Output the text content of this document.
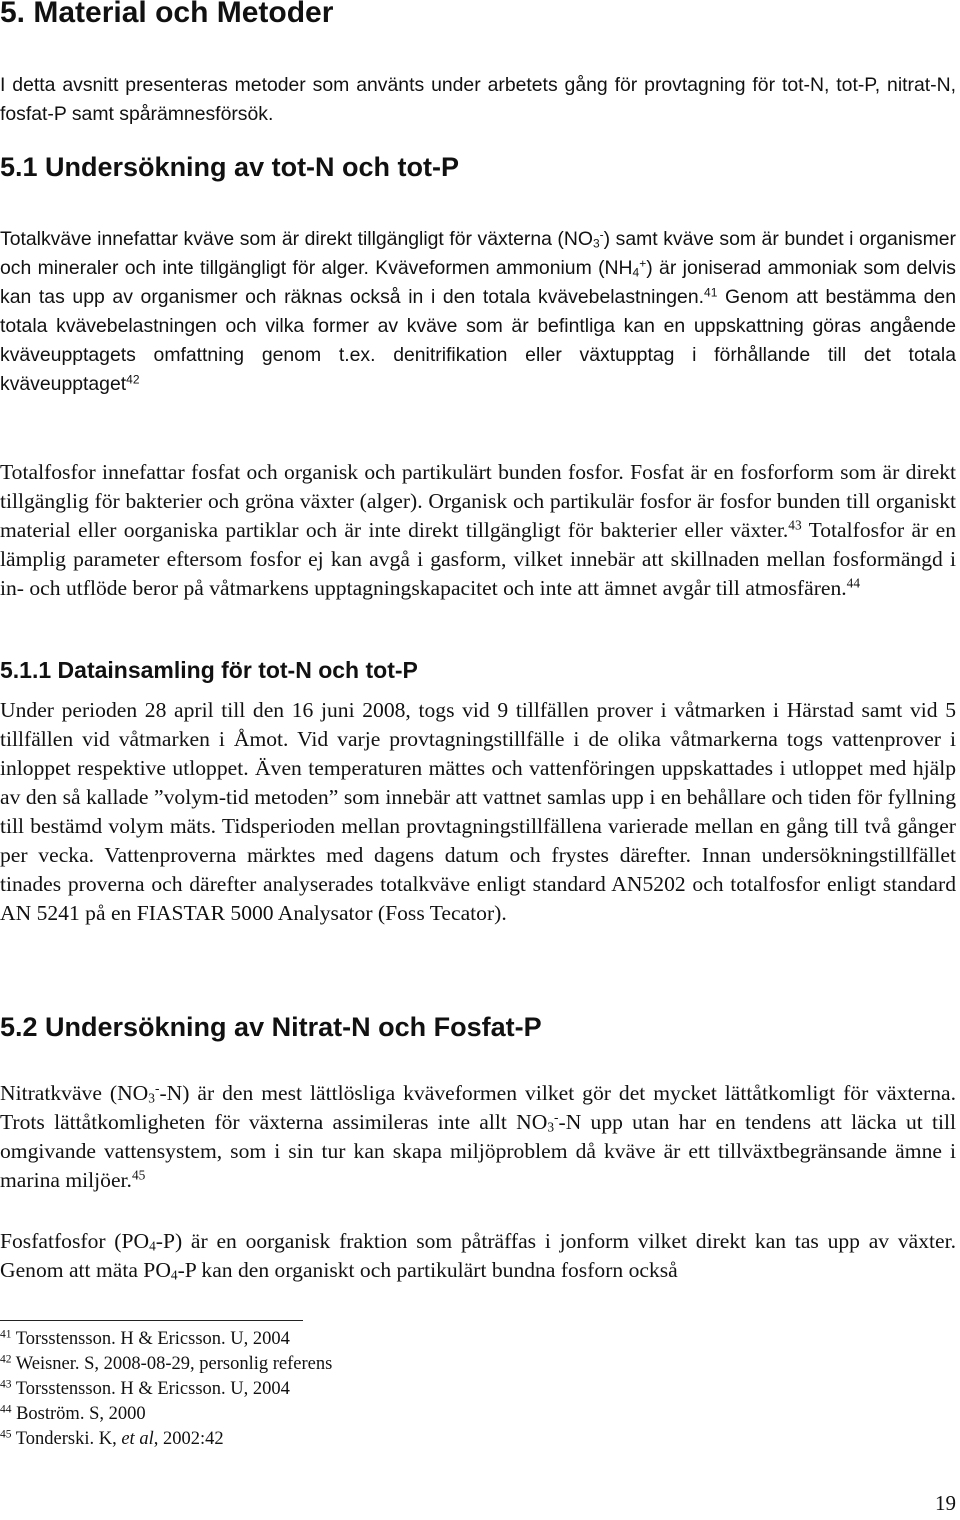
5. Material och Metoder

I detta avsnitt presenteras metoder som använts under arbetets gång för provtagning för tot-N, tot-P, nitrat-N, fosfat-P samt spårämnesförsök.

5.1 Undersökning av tot-N och tot-P

Totalkväve innefattar kväve som är direkt tillgängligt för växterna $(NO_3^-)$ samt kväve som är bundet i organismer och mineraler och inte tillgängligt för alger. Kväveformen ammonium $(NH_4^+)$ är joniserad ammoniak som delvis kan tas upp av organismer och räknas också in i den totala kvävebelastningen.$^{41}$ Genom att bestämma den totala kvävebelastningen och vilka former av kväve som är befintliga kan en uppskattning göras angående kväveupptagets omfattning genom t.ex. denitrifikation eller växtupptag i förhållande till det totala kväveupptaget$^{42}$

Totalfosfor innefattar fosfat och organisk och partikulärt bunden fosfor. Fosfat är en fosforform som är direkt tillgänglig för bakterier och gröna växter (alger). Organisk och partikulär fosfor är fosfor bunden till organiskt material eller oorganiska partiklar och är inte direkt tillgängligt för bakterier eller växter.$^{43}$ Totalfosfor är en lämplig parameter eftersom fosfor ej kan avgå i gasform, vilket innebär att skillnaden mellan fosformängd i in- och utflöde beror på våtmarkens upptagningskapacitet och inte att ämnet avgår till atmosfären.$^{44}$

5.1.1 Datainsamling för tot-N och tot-P

Under perioden 28 april till den 16 juni 2008, togs vid 9 tillfällen prover i våtmarken i Härstad samt vid 5 tillfällen vid våtmarken i Åmot. Vid varje provtagningstillfälle i de olika våtmarkerna togs vattenprover i inloppet respektive utloppet. Även temperaturen mättes och vattenföringen uppskattades i utloppet med hjälp av den så kallade ”volym-tid metoden” som innebär att vattnet samlas upp i en behållare och tiden för fyllning till bestämd volym mäts. Tidsperioden mellan provtagningstillfällena varierade mellan en gång till två gånger per vecka. Vattenproverna märktes med dagens datum och frystes därefter. Innan undersökningstillfället tinades proverna och därefter analyserades totalkväve enligt standard AN5202 och totalfosfor enligt standard AN 5241 på en FIASTAR 5000 Analysator (Foss Tecator).

5.2 Undersökning av Nitrat-N och Fosfat-P

Nitratkväve $(NO_3^--N)$ är den mest lättlösliga kväveformen vilket gör det mycket lättåtkomligt för växterna. Trots lättåtkomligheten för växterna assimileras inte allt $NO_3^--N$ upp utan har en tendens att läcka ut till omgivande vattensystem, som i sin tur kan skapa miljöproblem då kväve är ett tillväxtbegränsande ämne i marina miljöer.$^{45}$

Fosfatfosfor $(PO_4-P)$ är en oorganisk fraktion som påträffas i jonform vilket direkt kan tas upp av växter. Genom att mäta $PO_4-P$ kan den organiskt och partikulärt bundna fosforn också

$^{41}$ Torsstensson. H & Ericsson. U, 2004

$^{42}$ Weisner. S, 2008-08-29, personlig referens

$^{43}$ Torsstensson. H & Ericsson. U, 2004

$^{44}$ Boström. S, 2000

$^{45}$ Tonderski. K, et al, 2002:42

19
